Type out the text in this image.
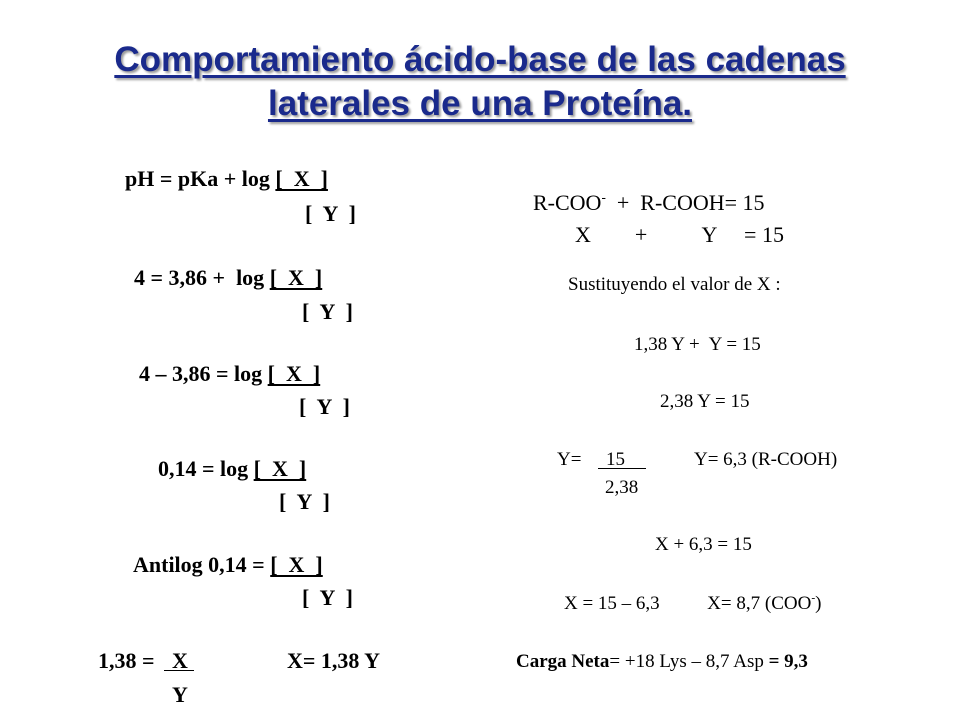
Comportamiento ácido-base de las cadenas
laterales de una Proteína.
pH = pKa + log [  X  ]
[  Y  ]
4 = 3,86 +  log [  X  ]
[  Y  ]
4 – 3,86 = log [  X  ]
[  Y  ]
0,14 = log [  X  ]
[  Y  ]
Antilog 0,14 = [  X  ]
[  Y  ]
1,38 = X
Y
X= 1,38 Y
R-COO-  +  R-COOH= 15
X        +          Y     = 15
Sustituyendo el valor de X :
1,38 Y +  Y = 15
2,38 Y = 15
Y= 15
2,38
Y= 6,3 (R-COOH)
X + 6,3 = 15
X = 15 – 6,3          X= 8,7 (COO-)
Carga Neta= +18 Lys – 8,7 Asp = 9,3
